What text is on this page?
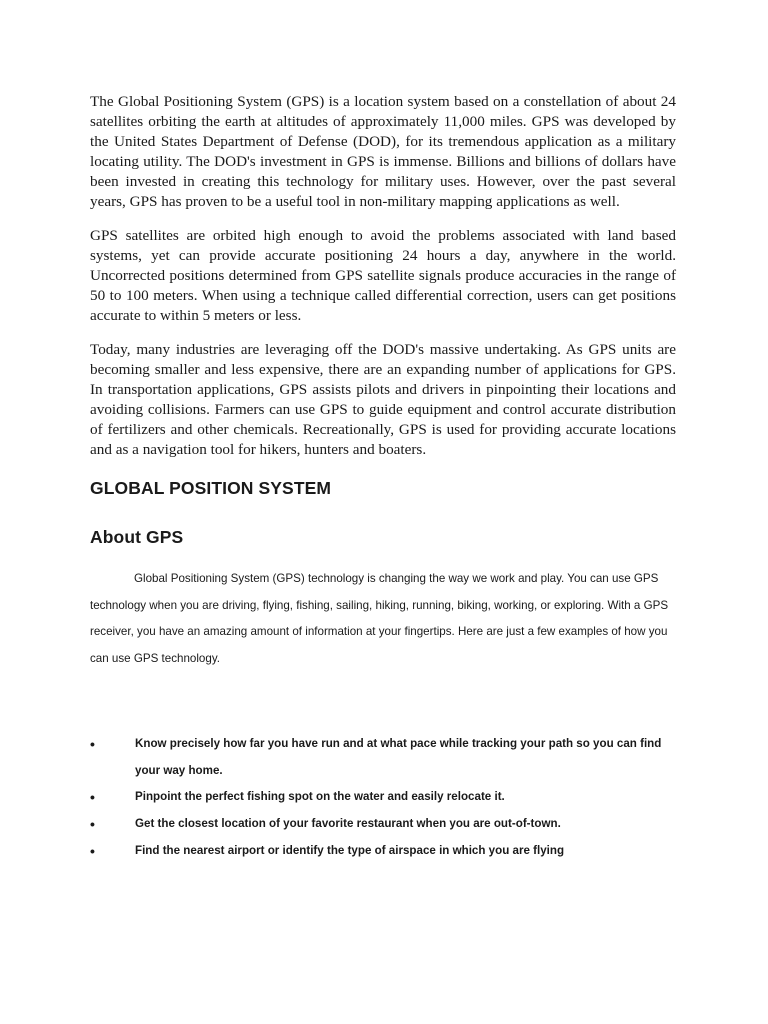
The Global Positioning System (GPS) is a location system based on a constellation of about 24 satellites orbiting the earth at altitudes of approximately 11,000 miles. GPS was developed by the United States Department of Defense (DOD), for its tremendous application as a military locating utility. The DOD's investment in GPS is immense. Billions and billions of dollars have been invested in creating this technology for military uses. However, over the past several years, GPS has proven to be a useful tool in non-military mapping applications as well.

GPS satellites are orbited high enough to avoid the problems associated with land based systems, yet can provide accurate positioning 24 hours a day, anywhere in the world. Uncorrected positions determined from GPS satellite signals produce accuracies in the range of 50 to 100 meters. When using a technique called differential correction, users can get positions accurate to within 5 meters or less.

Today, many industries are leveraging off the DOD's massive undertaking. As GPS units are becoming smaller and less expensive, there are an expanding number of applications for GPS. In transportation applications, GPS assists pilots and drivers in pinpointing their locations and avoiding collisions. Farmers can use GPS to guide equipment and control accurate distribution of fertilizers and other chemicals. Recreationally, GPS is used for providing accurate locations and as a navigation tool for hikers, hunters and boaters.

GLOBAL POSITION SYSTEM
About GPS

Global Positioning System (GPS) technology is changing the way we work and play. You can use GPS technology when you are driving, flying, fishing, sailing, hiking, running, biking, working, or exploring. With a GPS receiver, you have an amazing amount of information at your fingertips. Here are just a few examples of how you can use GPS technology.

•	Know precisely how far you have run and at what pace while tracking your path so you can find your way home.
•	Pinpoint the perfect fishing spot on the water and easily relocate it.
•	Get the closest location of your favorite restaurant when you are out-of-town.
•	Find the nearest airport or identify the type of airspace in which you are flying
